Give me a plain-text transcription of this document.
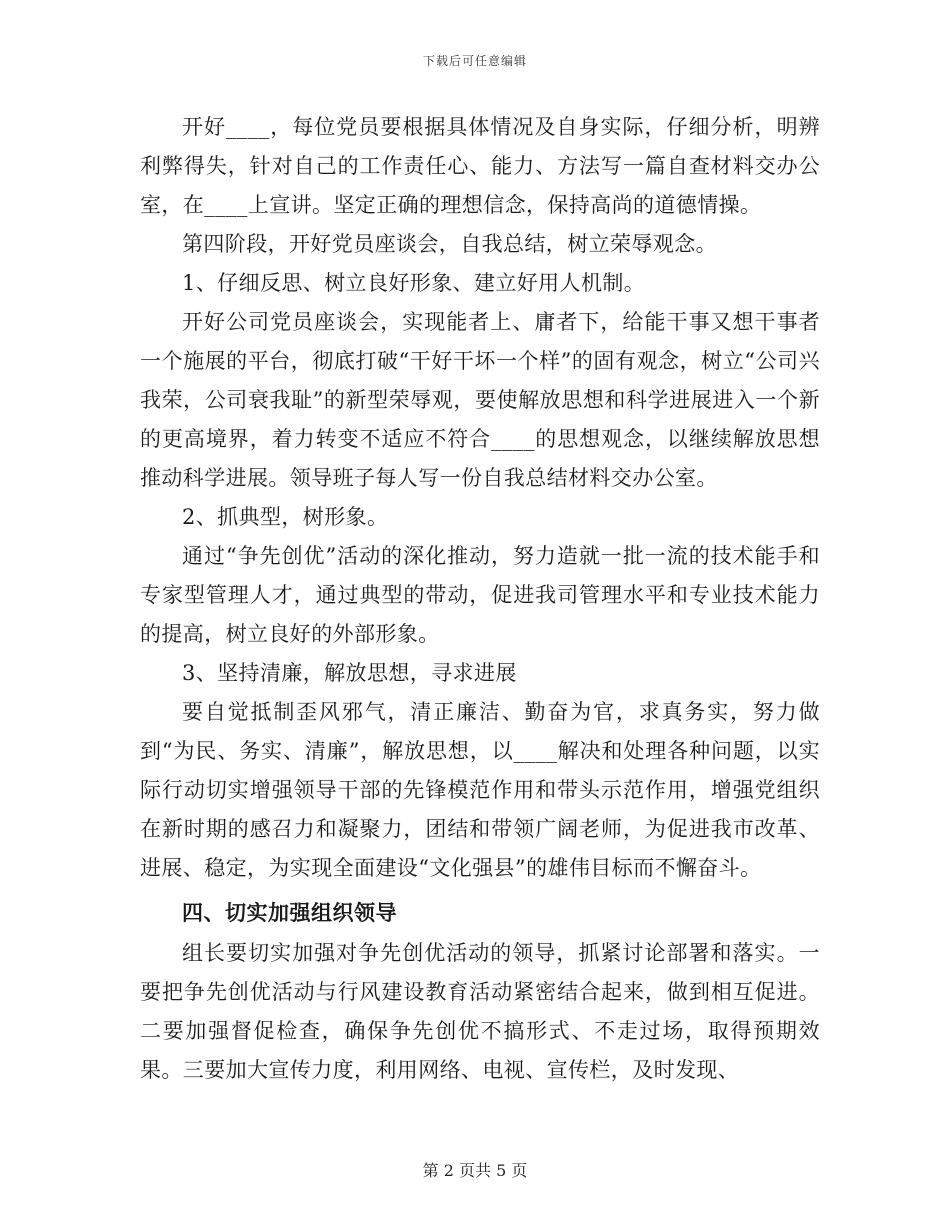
下载后可任意编辑

开好____，每位党员要根据具体情况及自身实际，仔细分析，明辨利弊得失，针对自己的工作责任心、能力、方法写一篇自查材料交办公室，在____上宣讲。坚定正确的理想信念，保持高尚的道德情操。

第四阶段，开好党员座谈会，自我总结，树立荣辱观念。

1、仔细反思、树立良好形象、建立好用人机制。

开好公司党员座谈会，实现能者上、庸者下，给能干事又想干事者一个施展的平台，彻底打破“干好干坏一个样”的固有观念，树立“公司兴我荣，公司衰我耻”的新型荣辱观，要使解放思想和科学进展进入一个新的更高境界，着力转变不适应不符合____的思想观念，以继续解放思想推动科学进展。领导班子每人写一份自我总结材料交办公室。

2、抓典型，树形象。

通过“争先创优”活动的深化推动，努力造就一批一流的技术能手和专家型管理人才，通过典型的带动，促进我司管理水平和专业技术能力的提高，树立良好的外部形象。

3、坚持清廉，解放思想，寻求进展

要自觉抵制歪风邪气，清正廉洁、勤奋为官，求真务实，努力做到“为民、务实、清廉”，解放思想，以____解决和处理各种问题，以实际行动切实增强领导干部的先锋模范作用和带头示范作用，增强党组织在新时期的感召力和凝聚力，团结和带领广阔老师，为促进我市改革、进展、稳定，为实现全面建设“文化强县”的雄伟目标而不懈奋斗。

四、切实加强组织领导

组长要切实加强对争先创优活动的领导，抓紧讨论部署和落实。一要把争先创优活动与行风建设教育活动紧密结合起来，做到相互促进。二要加强督促检查，确保争先创优不搞形式、不走过场，取得预期效果。三要加大宣传力度，利用网络、电视、宣传栏，及时发现、

第 2 页共 5 页
